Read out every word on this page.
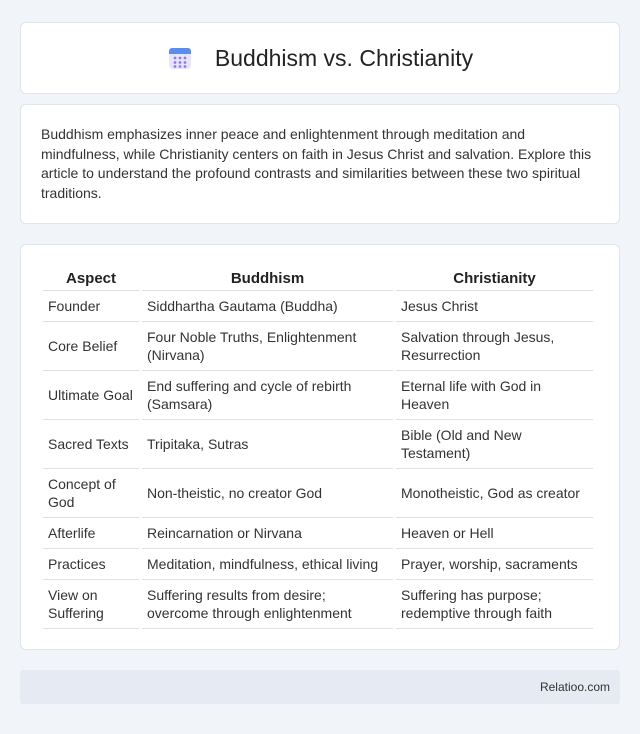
Buddhism vs. Christianity

Buddhism emphasizes inner peace and enlightenment through meditation and mindfulness, while Christianity centers on faith in Jesus Christ and salvation. Explore this article to understand the profound contrasts and similarities between these two spiritual traditions.

Aspect	Buddhism	Christianity
Founder	Siddhartha Gautama (Buddha)	Jesus Christ
Core Belief	Four Noble Truths, Enlightenment (Nirvana)	Salvation through Jesus, Resurrection
Ultimate Goal	End suffering and cycle of rebirth (Samsara)	Eternal life with God in Heaven
Sacred Texts	Tripitaka, Sutras	Bible (Old and New Testament)
Concept of God	Non-theistic, no creator God	Monotheistic, God as creator
Afterlife	Reincarnation or Nirvana	Heaven or Hell
Practices	Meditation, mindfulness, ethical living	Prayer, worship, sacraments
View on Suffering	Suffering results from desire; overcome through enlightenment	Suffering has purpose; redemptive through faith
Relatioo.com
